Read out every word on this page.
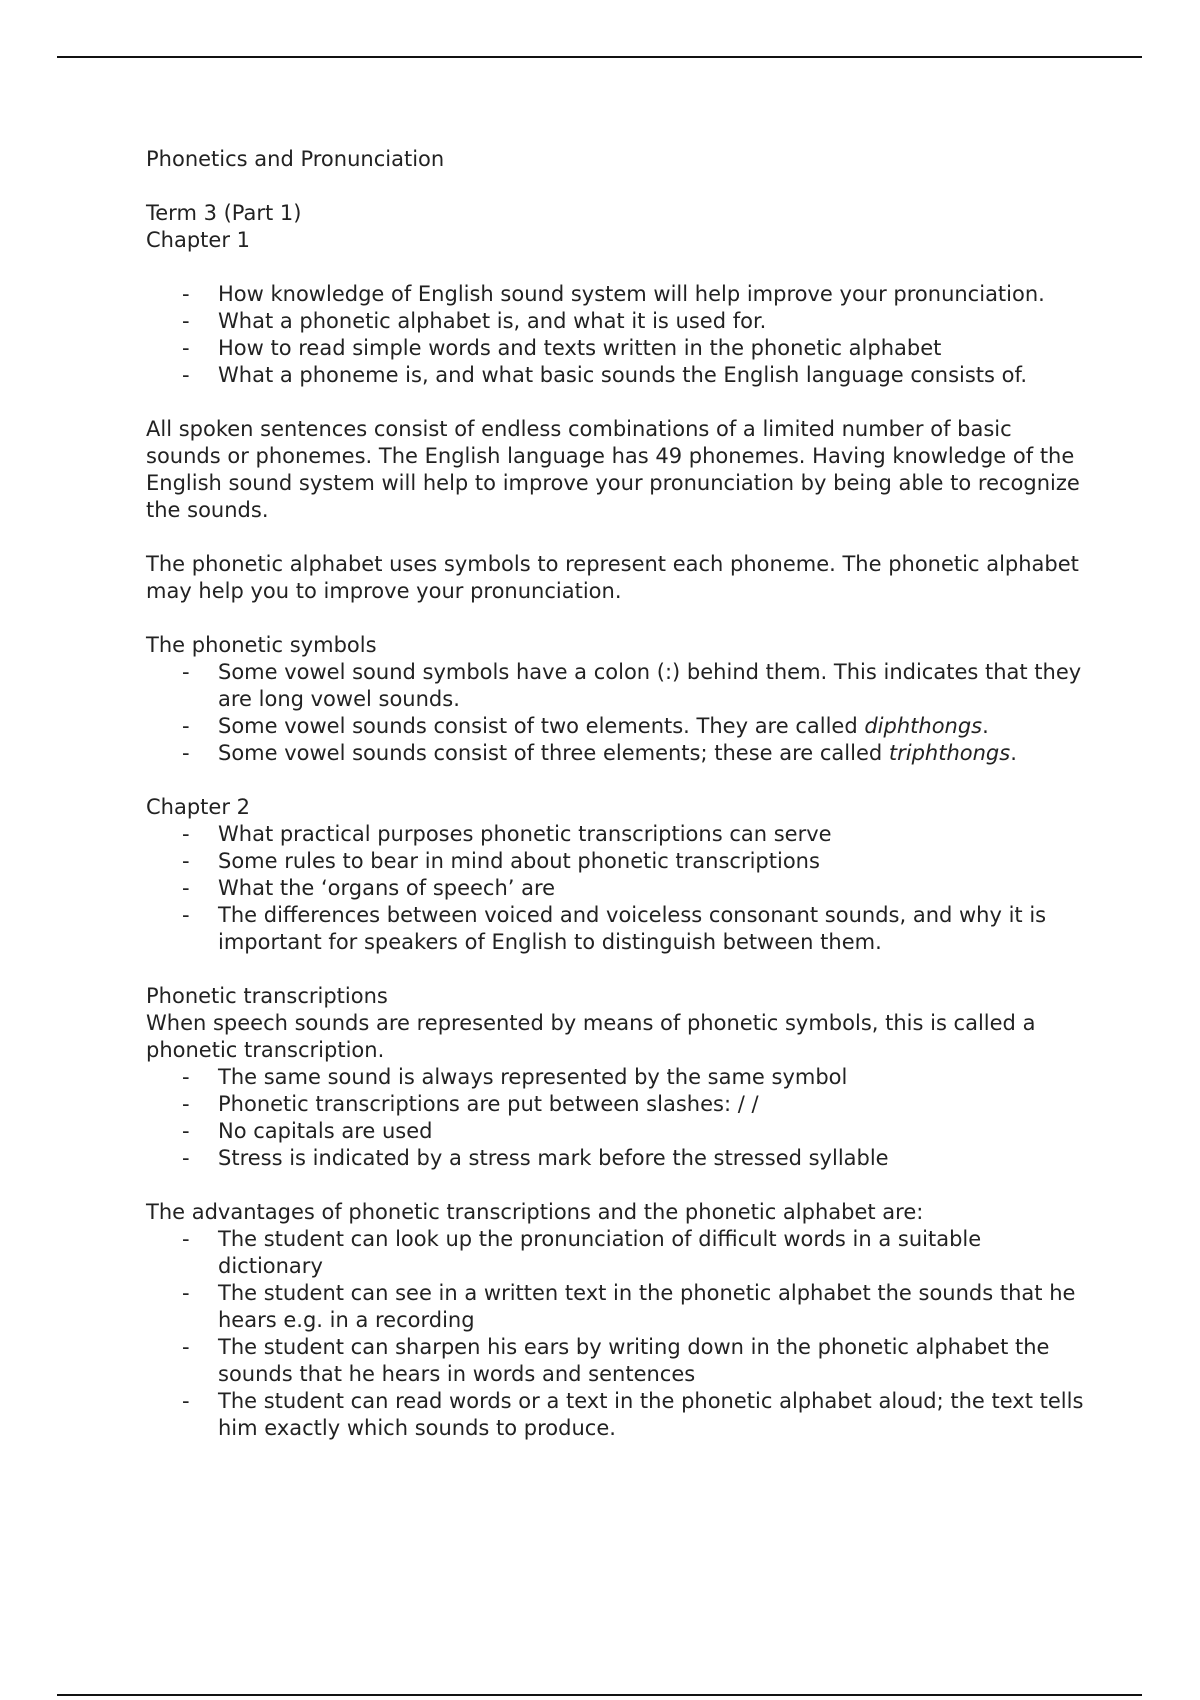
Phonetics and Pronunciation

Term 3 (Part 1)

Chapter 1

- How knowledge of English sound system will help improve your pronunciation.
- What a phonetic alphabet is, and what it is used for.
- How to read simple words and texts written in the phonetic alphabet
- What a phoneme is, and what basic sounds the English language consists of.

All spoken sentences consist of endless combinations of a limited number of basic sounds or phonemes. The English language has 49 phonemes. Having knowledge of the English sound system will help to improve your pronunciation by being able to recognize the sounds.

The phonetic alphabet uses symbols to represent each phoneme. The phonetic alphabet may help you to improve your pronunciation.

The phonetic symbols

- Some vowel sound symbols have a colon (:) behind them. This indicates that they are long vowel sounds.
- Some vowel sounds consist of two elements. They are called diphthongs.
- Some vowel sounds consist of three elements; these are called triphthongs.

Chapter 2

- What practical purposes phonetic transcriptions can serve
- Some rules to bear in mind about phonetic transcriptions
- What the ‘organs of speech’ are
- The differences between voiced and voiceless consonant sounds, and why it is important for speakers of English to distinguish between them.

Phonetic transcriptions

When speech sounds are represented by means of phonetic symbols, this is called a phonetic transcription.

- The same sound is always represented by the same symbol
- Phonetic transcriptions are put between slashes: / /
- No capitals are used
- Stress is indicated by a stress mark before the stressed syllable

The advantages of phonetic transcriptions and the phonetic alphabet are:

- The student can look up the pronunciation of difficult words in a suitable dictionary
- The student can see in a written text in the phonetic alphabet the sounds that he hears e.g. in a recording
- The student can sharpen his ears by writing down in the phonetic alphabet the sounds that he hears in words and sentences
- The student can read words or a text in the phonetic alphabet aloud; the text tells him exactly which sounds to produce.
